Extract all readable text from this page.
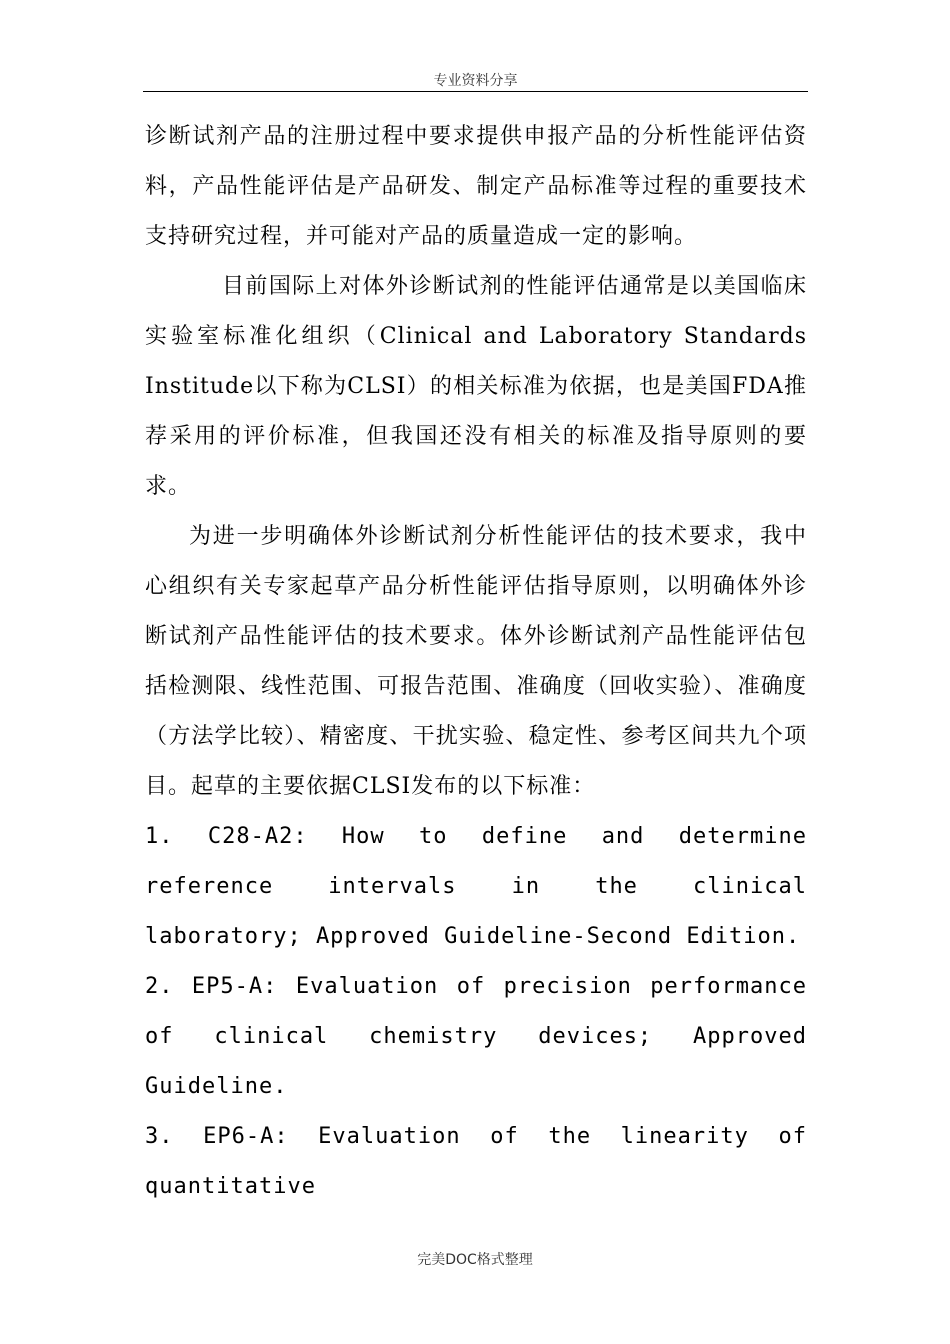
专业资料分享

诊断试剂产品的注册过程中要求提供申报产品的分析性能评估资料，产品性能评估是产品研发、制定产品标准等过程的重要技术支持研究过程，并可能对产品的质量造成一定的影响。

目前国际上对体外诊断试剂的性能评估通常是以美国临床实验室标准化组织（Clinical and Laboratory Standards Institude以下称为CLSI）的相关标准为依据，也是美国FDA推荐采用的评价标准，但我国还没有相关的标准及指导原则的要求。

为进一步明确体外诊断试剂分析性能评估的技术要求，我中心组织有关专家起草产品分析性能评估指导原则，以明确体外诊断试剂产品性能评估的技术要求。体外诊断试剂产品性能评估包括检测限、线性范围、可报告范围、准确度（回收实验）、准确度（方法学比较）、精密度、干扰实验、稳定性、参考区间共九个项目。起草的主要依据CLSI发布的以下标准：

1. C28-A2: How to define and determine reference intervals in the clinical laboratory; Approved Guideline-Second Edition.

2. EP5-A: Evaluation of precision performance of clinical chemistry devices; Approved Guideline.

3. EP6-A: Evaluation of the linearity of quantitative

完美DOC格式整理
